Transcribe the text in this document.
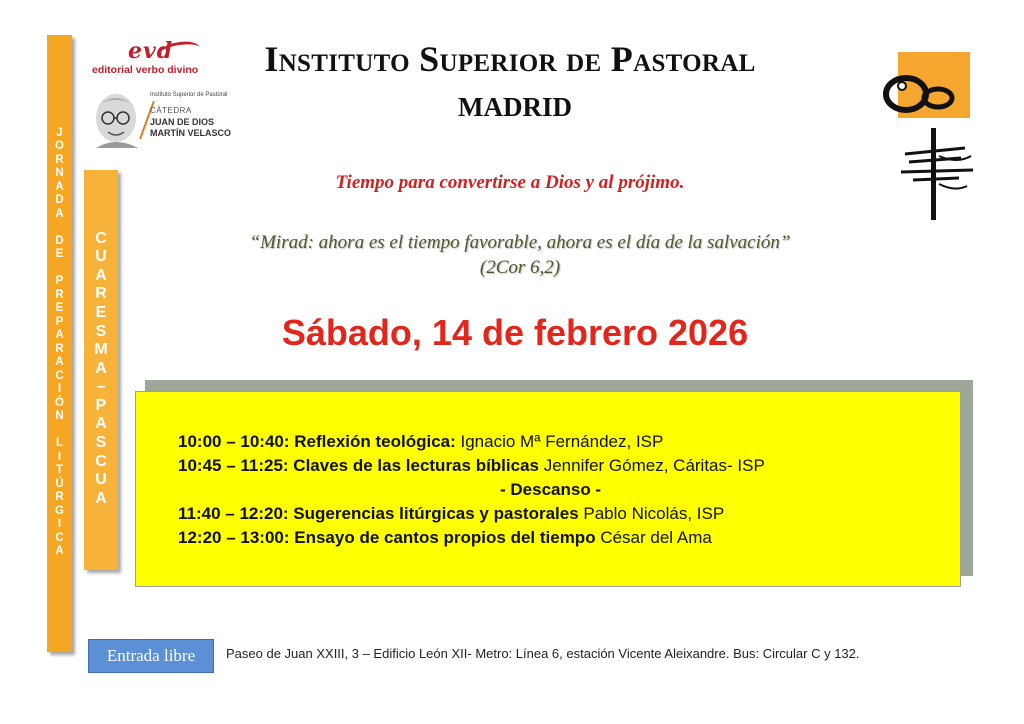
J
O
R
N
A
D
A

D
E

P
R
E
P
A
R
A
C
I
Ó
N

L
I
T
Ú
R
G
I
C
A
C
U
A
R
E
S
M
A
–
P
A
S
C
U
A
evd
editorial verbo divino
Instituto Superior de Pastoral
CÁTEDRA
JUAN DE DIOS
MARTÍN VELASCO
Instituto Superior de Pastoral
MADRID
Tiempo para convertirse a Dios y al prójimo.
“Mirad: ahora es el tiempo favorable, ahora es el día de la salvación”
(2Cor 6,2)
Sábado, 14 de febrero 2026
10:00 – 10:40: Reflexión teológica: Ignacio Mª Fernández, ISP
10:45 – 11:25: Claves de las lecturas bíblicas Jennifer Gómez, Cáritas- ISP
- Descanso -
11:40 – 12:20: Sugerencias litúrgicas y pastorales Pablo Nicolás, ISP
12:20 – 13:00: Ensayo de cantos propios del tiempo César del Ama
Entrada libre	Paseo de Juan XXIII, 3 – Edificio León XII- Metro: Línea 6, estación Vicente Aleixandre. Bus: Circular C y 132.
